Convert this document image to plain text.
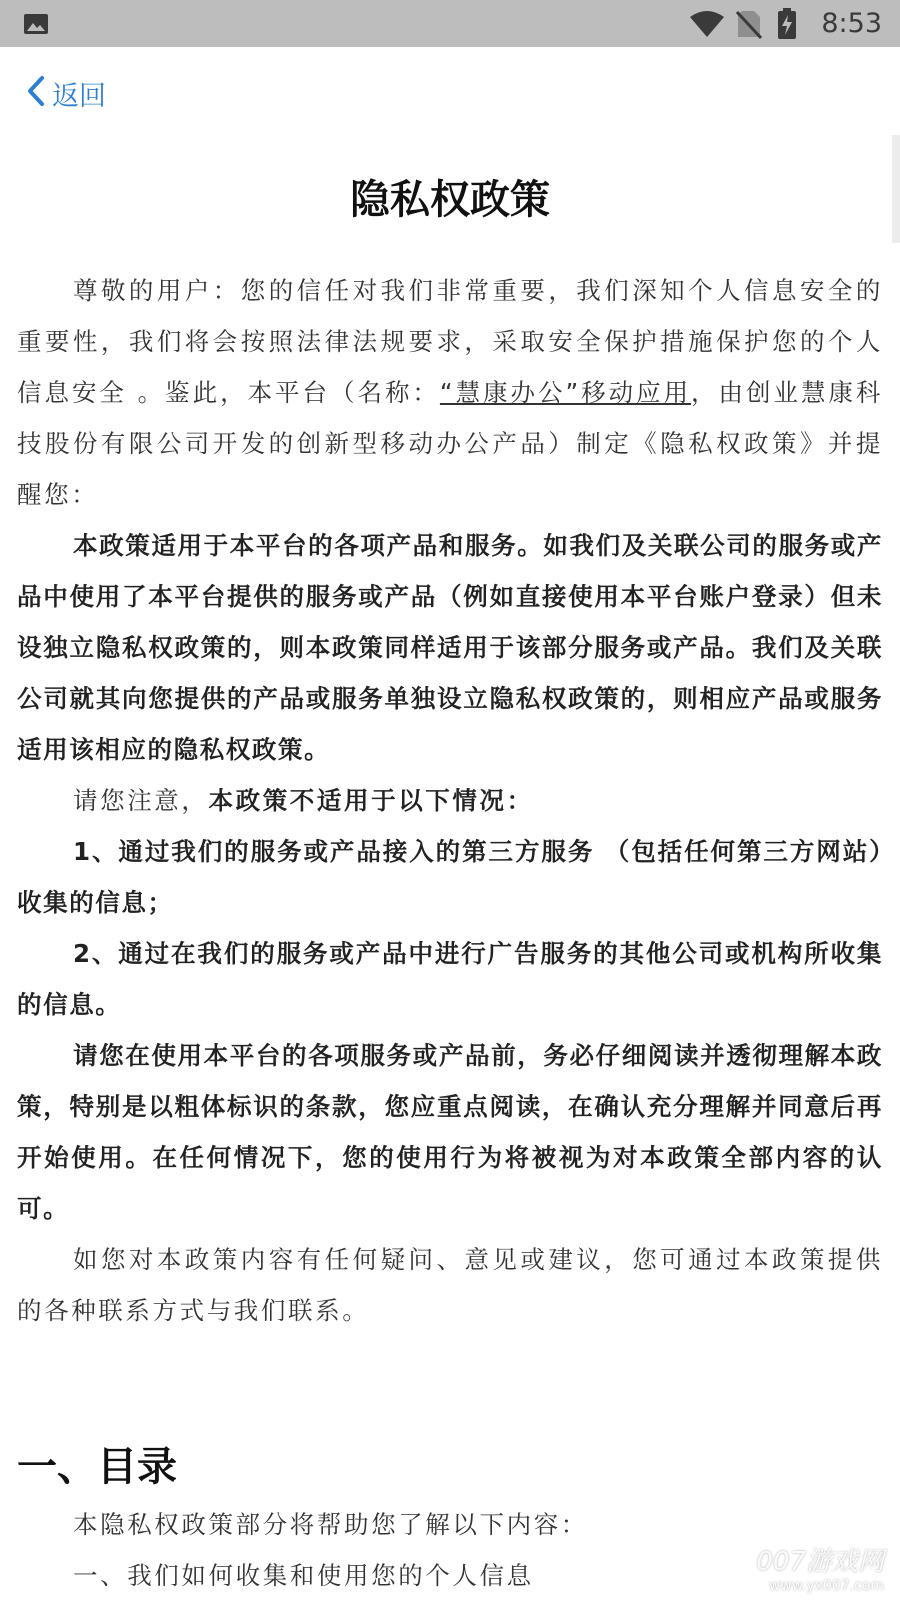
8:53
返回
隐私权政策

尊敬的用户：您的信任对我们非常重要，我们深知个人信息安全的重要性，我们将会按照法律法规要求，采取安全保护措施保护您的个人信息安全 。鉴此，本平台（名称：“慧康办公”移动应用，由创业慧康科技股份有限公司开发的创新型移动办公产品）制定《隐私权政策》并提醒您：

本政策适用于本平台的各项产品和服务。如我们及关联公司的服务或产品中使用了本平台提供的服务或产品（例如直接使用本平台账户登录）但未设独立隐私权政策的，则本政策同样适用于该部分服务或产品。我们及关联公司就其向您提供的产品或服务单独设立隐私权政策的，则相应产品或服务适用该相应的隐私权政策。

请您注意，本政策不适用于以下情况：

1、通过我们的服务或产品接入的第三方服务 （包括任何第三方网站）收集的信息；

2、通过在我们的服务或产品中进行广告服务的其他公司或机构所收集的信息。

请您在使用本平台的各项服务或产品前，务必仔细阅读并透彻理解本政策，特别是以粗体标识的条款，您应重点阅读，在确认充分理解并同意后再开始使用。在任何情况下，您的使用行为将被视为对本政策全部内容的认可。

如您对本政策内容有任何疑问、意见或建议，您可通过本政策提供的各种联系方式与我们联系。

一、目录

本隐私权政策部分将帮助您了解以下内容：

一、我们如何收集和使用您的个人信息	007游戏网
www.yx007.com
